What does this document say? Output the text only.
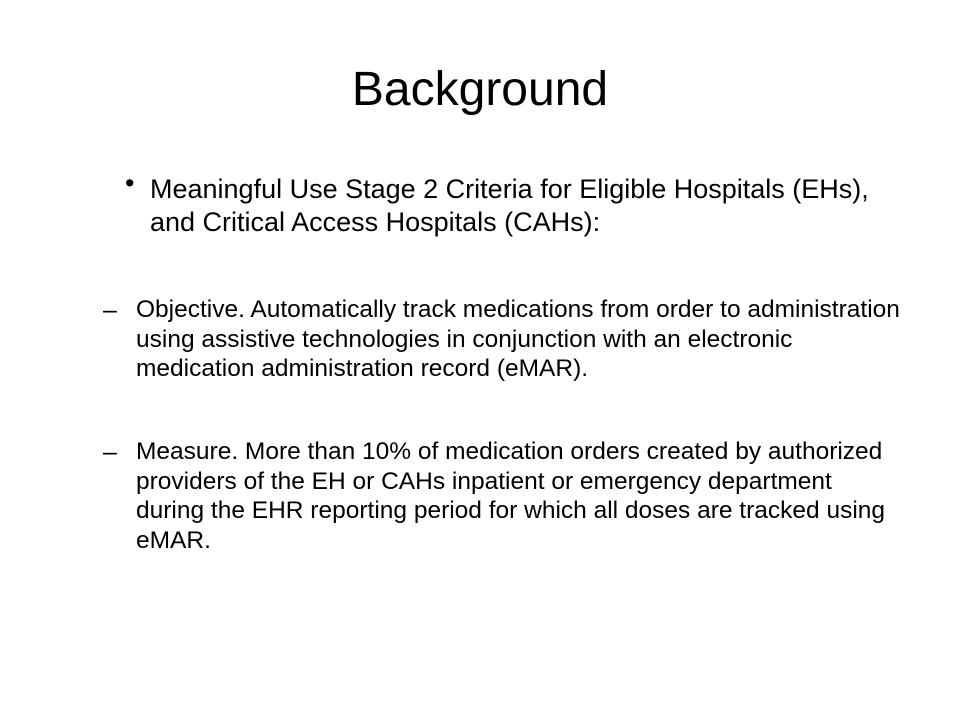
Background
• Meaningful Use Stage 2 Criteria for Eligible Hospitals (EHs), and Critical Access Hospitals (CAHs):
– Objective. Automatically track medications from order to administration using assistive technologies in conjunction with an electronic medication administration record (eMAR).
– Measure. More than 10% of medication orders created by authorized providers of the EH or CAHs inpatient or emergency department during the EHR reporting period for which all doses are tracked using eMAR.
